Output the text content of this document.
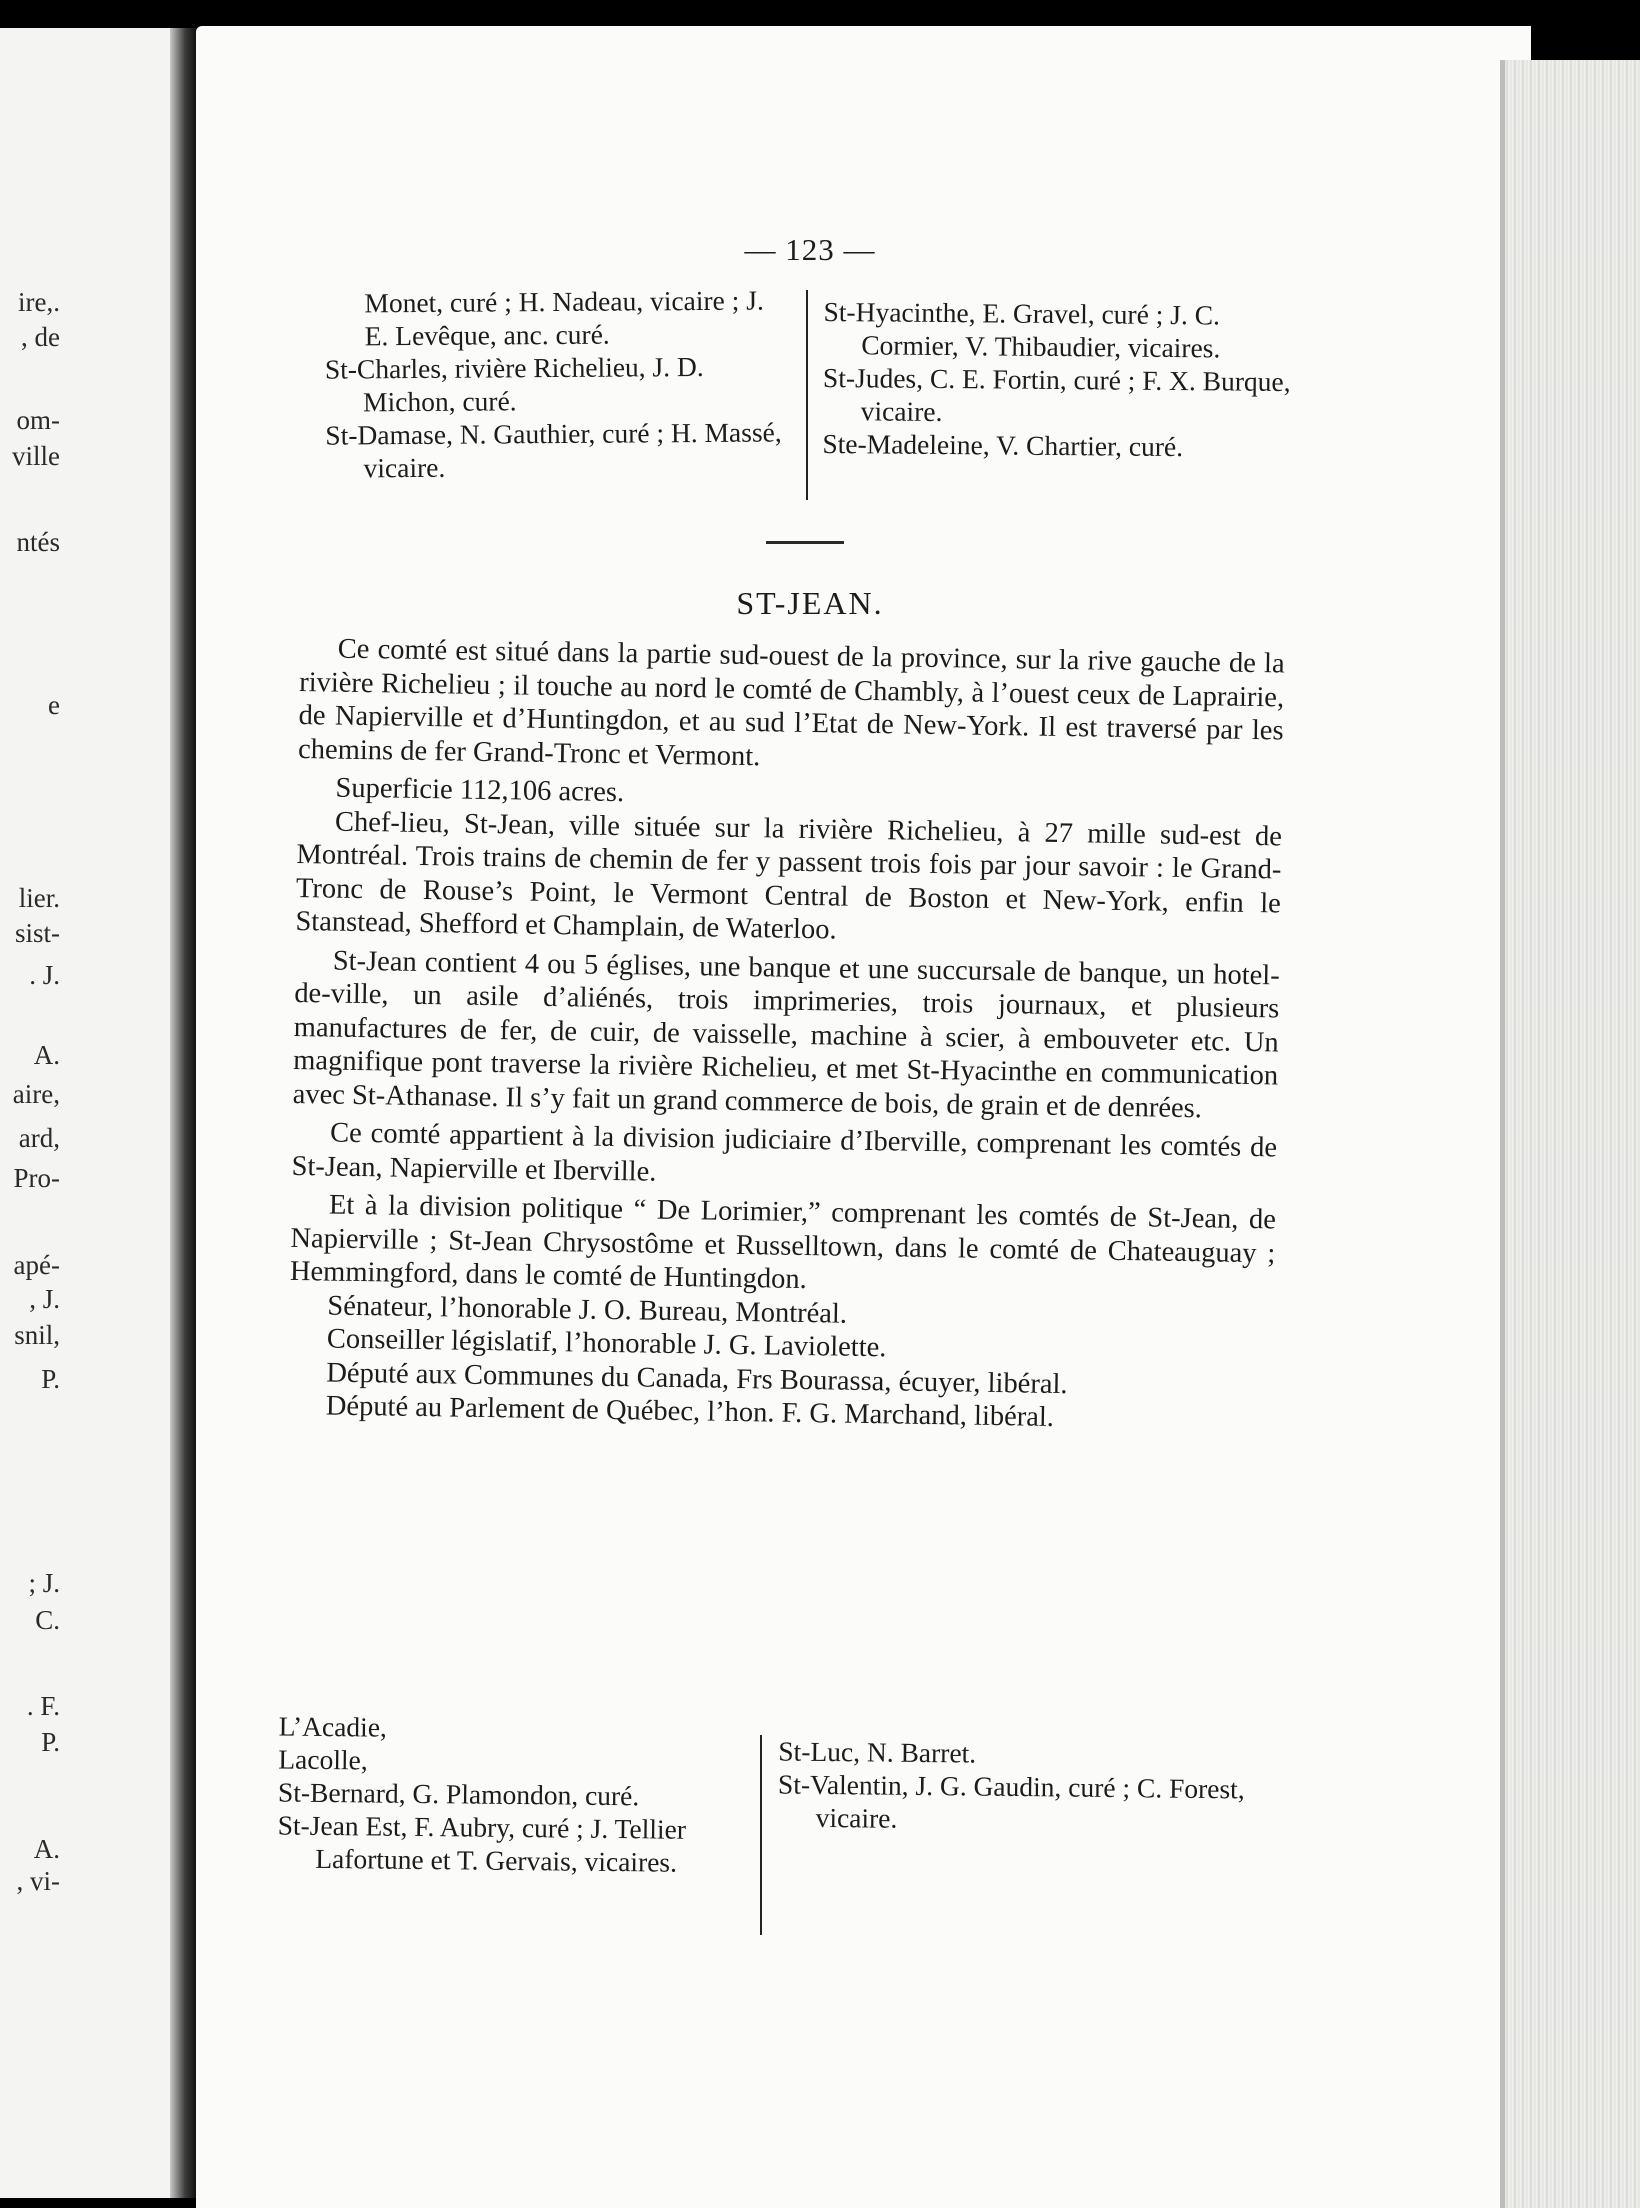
ire,.
, de
om-
ville
ntés
e
lier.
sist-
. J.
A.
aire,
ard,
Pro-
apé-
, J.
snil,
P.
; J.
C.
. F.
P.
A.
, vi-
— 123 —

Monet, curé ; H. Nadeau, vicaire ; J. E. Levêque, anc. curé.

St-Charles, rivière Richelieu, J. D. Michon, curé.

St-Damase, N. Gauthier, curé ; H. Massé, vicaire.

St-Hyacinthe, E. Gravel, curé ; J. C. Cormier, V. Thibaudier, vicaires.

St-Judes, C. E. Fortin, curé ; F. X. Burque, vicaire.

Ste-Madeleine, V. Chartier, curé.

ST-JEAN.

Ce comté est situé dans la partie sud-ouest de la province, sur la rive gauche de la rivière Richelieu ; il touche au nord le comté de Chambly, à l’ouest ceux de Laprairie, de Napierville et d’Huntingdon, et au sud l’Etat de New-York. Il est traversé par les chemins de fer Grand-Tronc et Vermont.

Superficie 112,106 acres.

Chef-lieu, St-Jean, ville située sur la rivière Richelieu, à 27 mille sud-est de Montréal. Trois trains de chemin de fer y passent trois fois par jour savoir : le Grand-Tronc de Rouse’s Point, le Vermont Central de Boston et New-York, enfin le Stanstead, Shefford et Champlain, de Waterloo.

St-Jean contient 4 ou 5 églises, une banque et une succursale de banque, un hotel-de-ville, un asile d’aliénés, trois imprimeries, trois journaux, et plusieurs manufactures de fer, de cuir, de vaisselle, machine à scier, à embouveter etc. Un magnifique pont traverse la rivière Richelieu, et met St-Hyacinthe en communication avec St-Athanase. Il s’y fait un grand commerce de bois, de grain et de denrées.

Ce comté appartient à la division judiciaire d’Iberville, comprenant les comtés de St-Jean, Napierville et Iberville.

Et à la division politique “ De Lorimier,” comprenant les comtés de St-Jean, de Napierville ; St-Jean Chrysostôme et Russelltown, dans le comté de Chateauguay ; Hemmingford, dans le comté de Huntingdon.

Sénateur, l’honorable J. O. Bureau, Montréal.

Conseiller législatif, l’honorable J. G. Laviolette.

Député aux Communes du Canada, Frs Bourassa, écuyer, libéral.

Député au Parlement de Québec, l’hon. F. G. Marchand, libéral.

L’Acadie,

Lacolle,

St-Bernard, G. Plamondon, curé.

St-Jean Est, F. Aubry, curé ; J. Tellier Lafortune et T. Gervais, vicaires.

St-Luc, N. Barret.

St-Valentin, J. G. Gaudin, curé ; C. Forest, vicaire.
